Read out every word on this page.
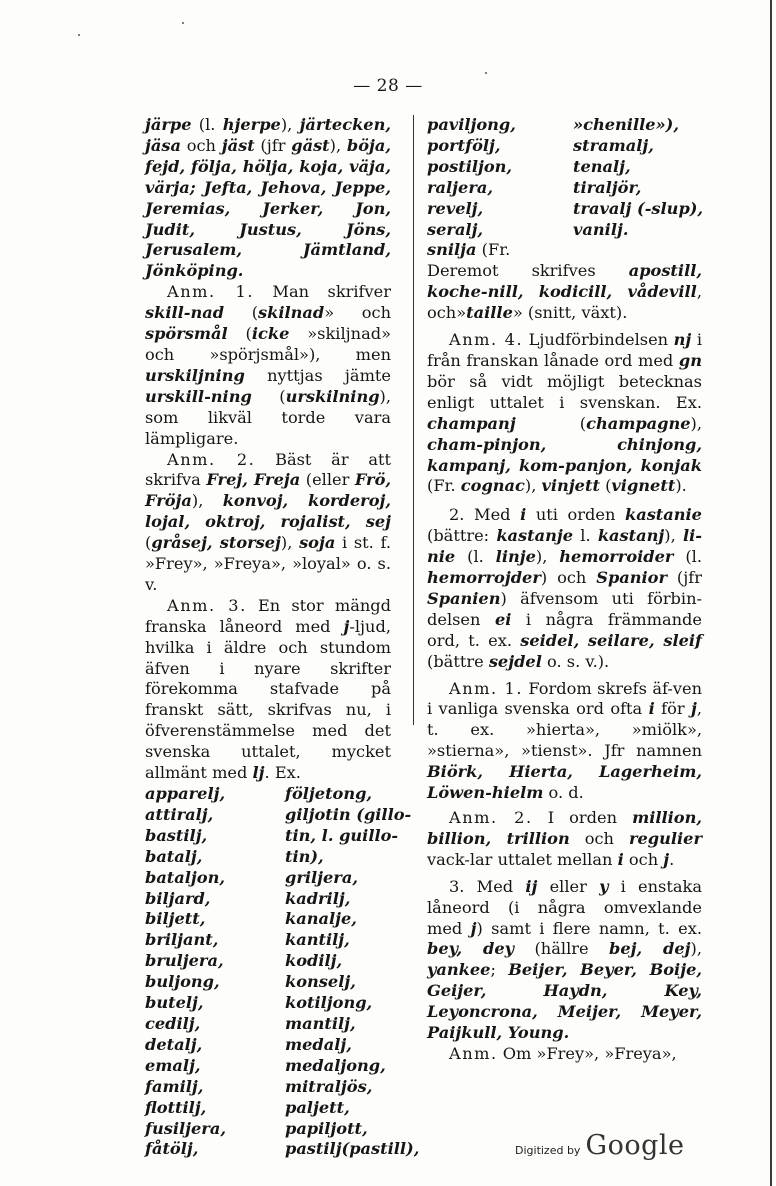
— 28 —
järpe (l. hjerpe), järtecken, jäsa och jäst (jfr gäst), böja, fejd, följa, hölja, koja, väja, värja; Jefta, Jehova, Jeppe, Jeremias, Jerker, Jon, Judit, Justus, Jöns, Jerusalem, Jämtland, Jönköping.
Anm. 1. Man skrifver skill-nad (skilnad» och spörsmål (icke »skiljnad» och »spörjsmål»), men urskiljning nyttjas jämte urskill-ning (urskilning), som likväl torde vara lämpligare.
Anm. 2. Bäst är att skrifva Frej, Freja (eller Frö, Fröja), konvoj, korderoj, lojal, oktroj, rojalist, sej (gråsej, storsej), soja i st. f. »Frey», »Freya», »loyal» o. s. v.
Anm. 3. En stor mängd franska låneord med j-ljud, hvilka i äldre och stundom äfven i nyare skrifter förekomma stafvade på franskt sätt, skrifvas nu, i öfverenstämmelse med det svenska uttalet, mycket allmänt med lj. Ex.
apparelj,	följetong,
attiralj,	giljotin (gillo-
bastilj,	tin, l. guillo-
batalj,	tin),
bataljon,	griljera,
biljard,	kadrilj,
biljett,	kanalje,
briljant,	kantilj,
bruljera,	kodilj,
buljong,	konselj,
butelj,	kotiljong,
cedilj,	mantilj,
detalj,	medalj,
emalj,	medaljong,
familj,	mitraljös,
flottilj,	paljett,
fusiljera,	papiljott,
fåtölj,	pastilj(pastill),
paviljong,	»chenille»),
portfölj,	stramalj,
postiljon,	tenalj,
raljera,	tiraljör,
revelj,	travalj (-slup),
seralj,	vanilj.
snilja (Fr.
Deremot skrifves apostill, koche-nill, kodicill, vådevill, och»taille» (snitt, växt).
Anm. 4. Ljudförbindelsen nj i från franskan lånade ord med gn bör så vidt möjligt betecknas enligt uttalet i svenskan. Ex. champanj (champagne), cham-pinjon, chinjong, kampanj, kom-panjon, konjak (Fr. cognac), vinjett (vignett).
2. Med i uti orden kastanie (bättre: kastanje l. kastanj), li-nie (l. linje), hemorroider (l. hemorrojder) och Spanior (jfr Spanien) äfvensom uti förbin-delsen ei i några främmande ord, t. ex. seidel, seilare, sleif (bättre sejdel o. s. v.).
Anm. 1. Fordom skrefs äf-ven i vanliga svenska ord ofta i för j, t. ex. »hierta», »miölk», »stierna», »tienst». Jfr namnen Biörk, Hierta, Lagerheim, Löwen-hielm o. d.
Anm. 2. I orden million, billion, trillion och regulier vack-lar uttalet mellan i och j.
3. Med ij eller y i enstaka låneord (i några omvexlande med j) samt i flere namn, t. ex. bey, dey (hällre bej, dej), yankee; Beijer, Beyer, Boije, Geijer, Haydn, Key, Leyoncrona, Meijer, Meyer, Paijkull, Young.
Anm. Om »Frey», »Freya»,
Digitized by Google
